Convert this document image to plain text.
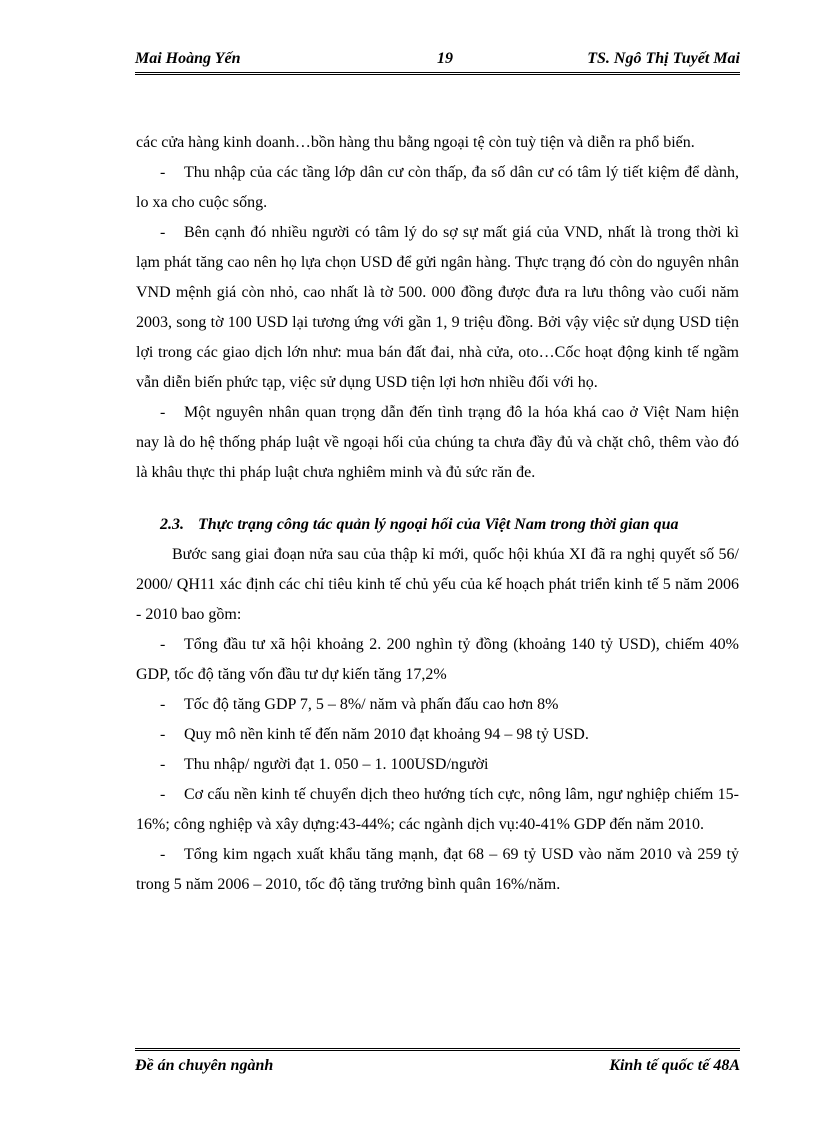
Mai Hoàng Yến	19	TS. Ngô Thị Tuyết Mai

các cửa hàng kinh doanh…bồn hàng thu bằng ngoại tệ còn tuỳ tiện và diễn ra phổ biến.

- Thu nhập của các tầng lớp dân cư còn thấp, đa số dân cư có tâm lý tiết kiệm để dành, lo xa cho cuộc sống.

- Bên cạnh đó nhiều người có tâm lý do sợ sự mất giá của VND, nhất là trong thời kì lạm phát tăng cao nên họ lựa chọn USD để gửi ngân hàng. Thực trạng đó còn do nguyên nhân VND mệnh giá còn nhỏ, cao nhất là tờ 500. 000 đồng được đưa ra lưu thông vào cuối năm 2003, song tờ 100 USD lại tương ứng với gần 1, 9 triệu đồng. Bởi vậy việc sử dụng USD tiện lợi trong các giao dịch lớn như: mua bán đất đai, nhà cửa, oto…Cốc hoạt động kinh tế ngầm vẫn diễn biến phức tạp, việc sử dụng USD tiện lợi hơn nhiều đối với họ.

- Một nguyên nhân quan trọng dẫn đến tình trạng đô la hóa khá cao ở Việt Nam hiện nay là do hệ thống pháp luật về ngoại hối của chúng ta chưa đầy đủ và chặt chô, thêm vào đó là khâu thực thi pháp luật chưa nghiêm minh và đủ sức răn đe.

2.3. Thực trạng công tác quản lý ngoại hối của Việt Nam trong thời gian qua

Bước sang giai đoạn nửa sau của thập kỉ mới, quốc hội khúa XI đã ra nghị quyết số 56/ 2000/ QH11 xác định các chỉ tiêu kinh tế chủ yếu của kế hoạch phát triển kinh tế 5 năm 2006 - 2010 bao gồm:

- Tổng đầu tư xã hội khoảng 2. 200 nghìn tỷ đồng (khoảng 140 tỷ USD), chiếm 40% GDP, tốc độ tăng vốn đầu tư dự kiến tăng 17,2%

- Tốc độ tăng GDP 7, 5 – 8%/ năm và phấn đấu cao hơn 8%

- Quy mô nền kinh tế đến năm 2010 đạt khoảng 94 – 98 tỷ USD.

- Thu nhập/ người đạt 1. 050 – 1. 100USD/người

- Cơ cấu nền kinh tế chuyển dịch theo hướng tích cực, nông lâm, ngư nghiệp chiếm 15-16%; công nghiệp và xây dựng:43-44%; các ngành dịch vụ:40-41% GDP đến năm 2010.

- Tổng kim ngạch xuất khẩu tăng mạnh, đạt 68 – 69 tỷ USD vào năm 2010 và 259 tỷ trong 5 năm 2006 – 2010, tốc độ tăng trưởng bình quân 16%/năm.

Đề án chuyên ngành	Kinh tế quốc tế 48A
